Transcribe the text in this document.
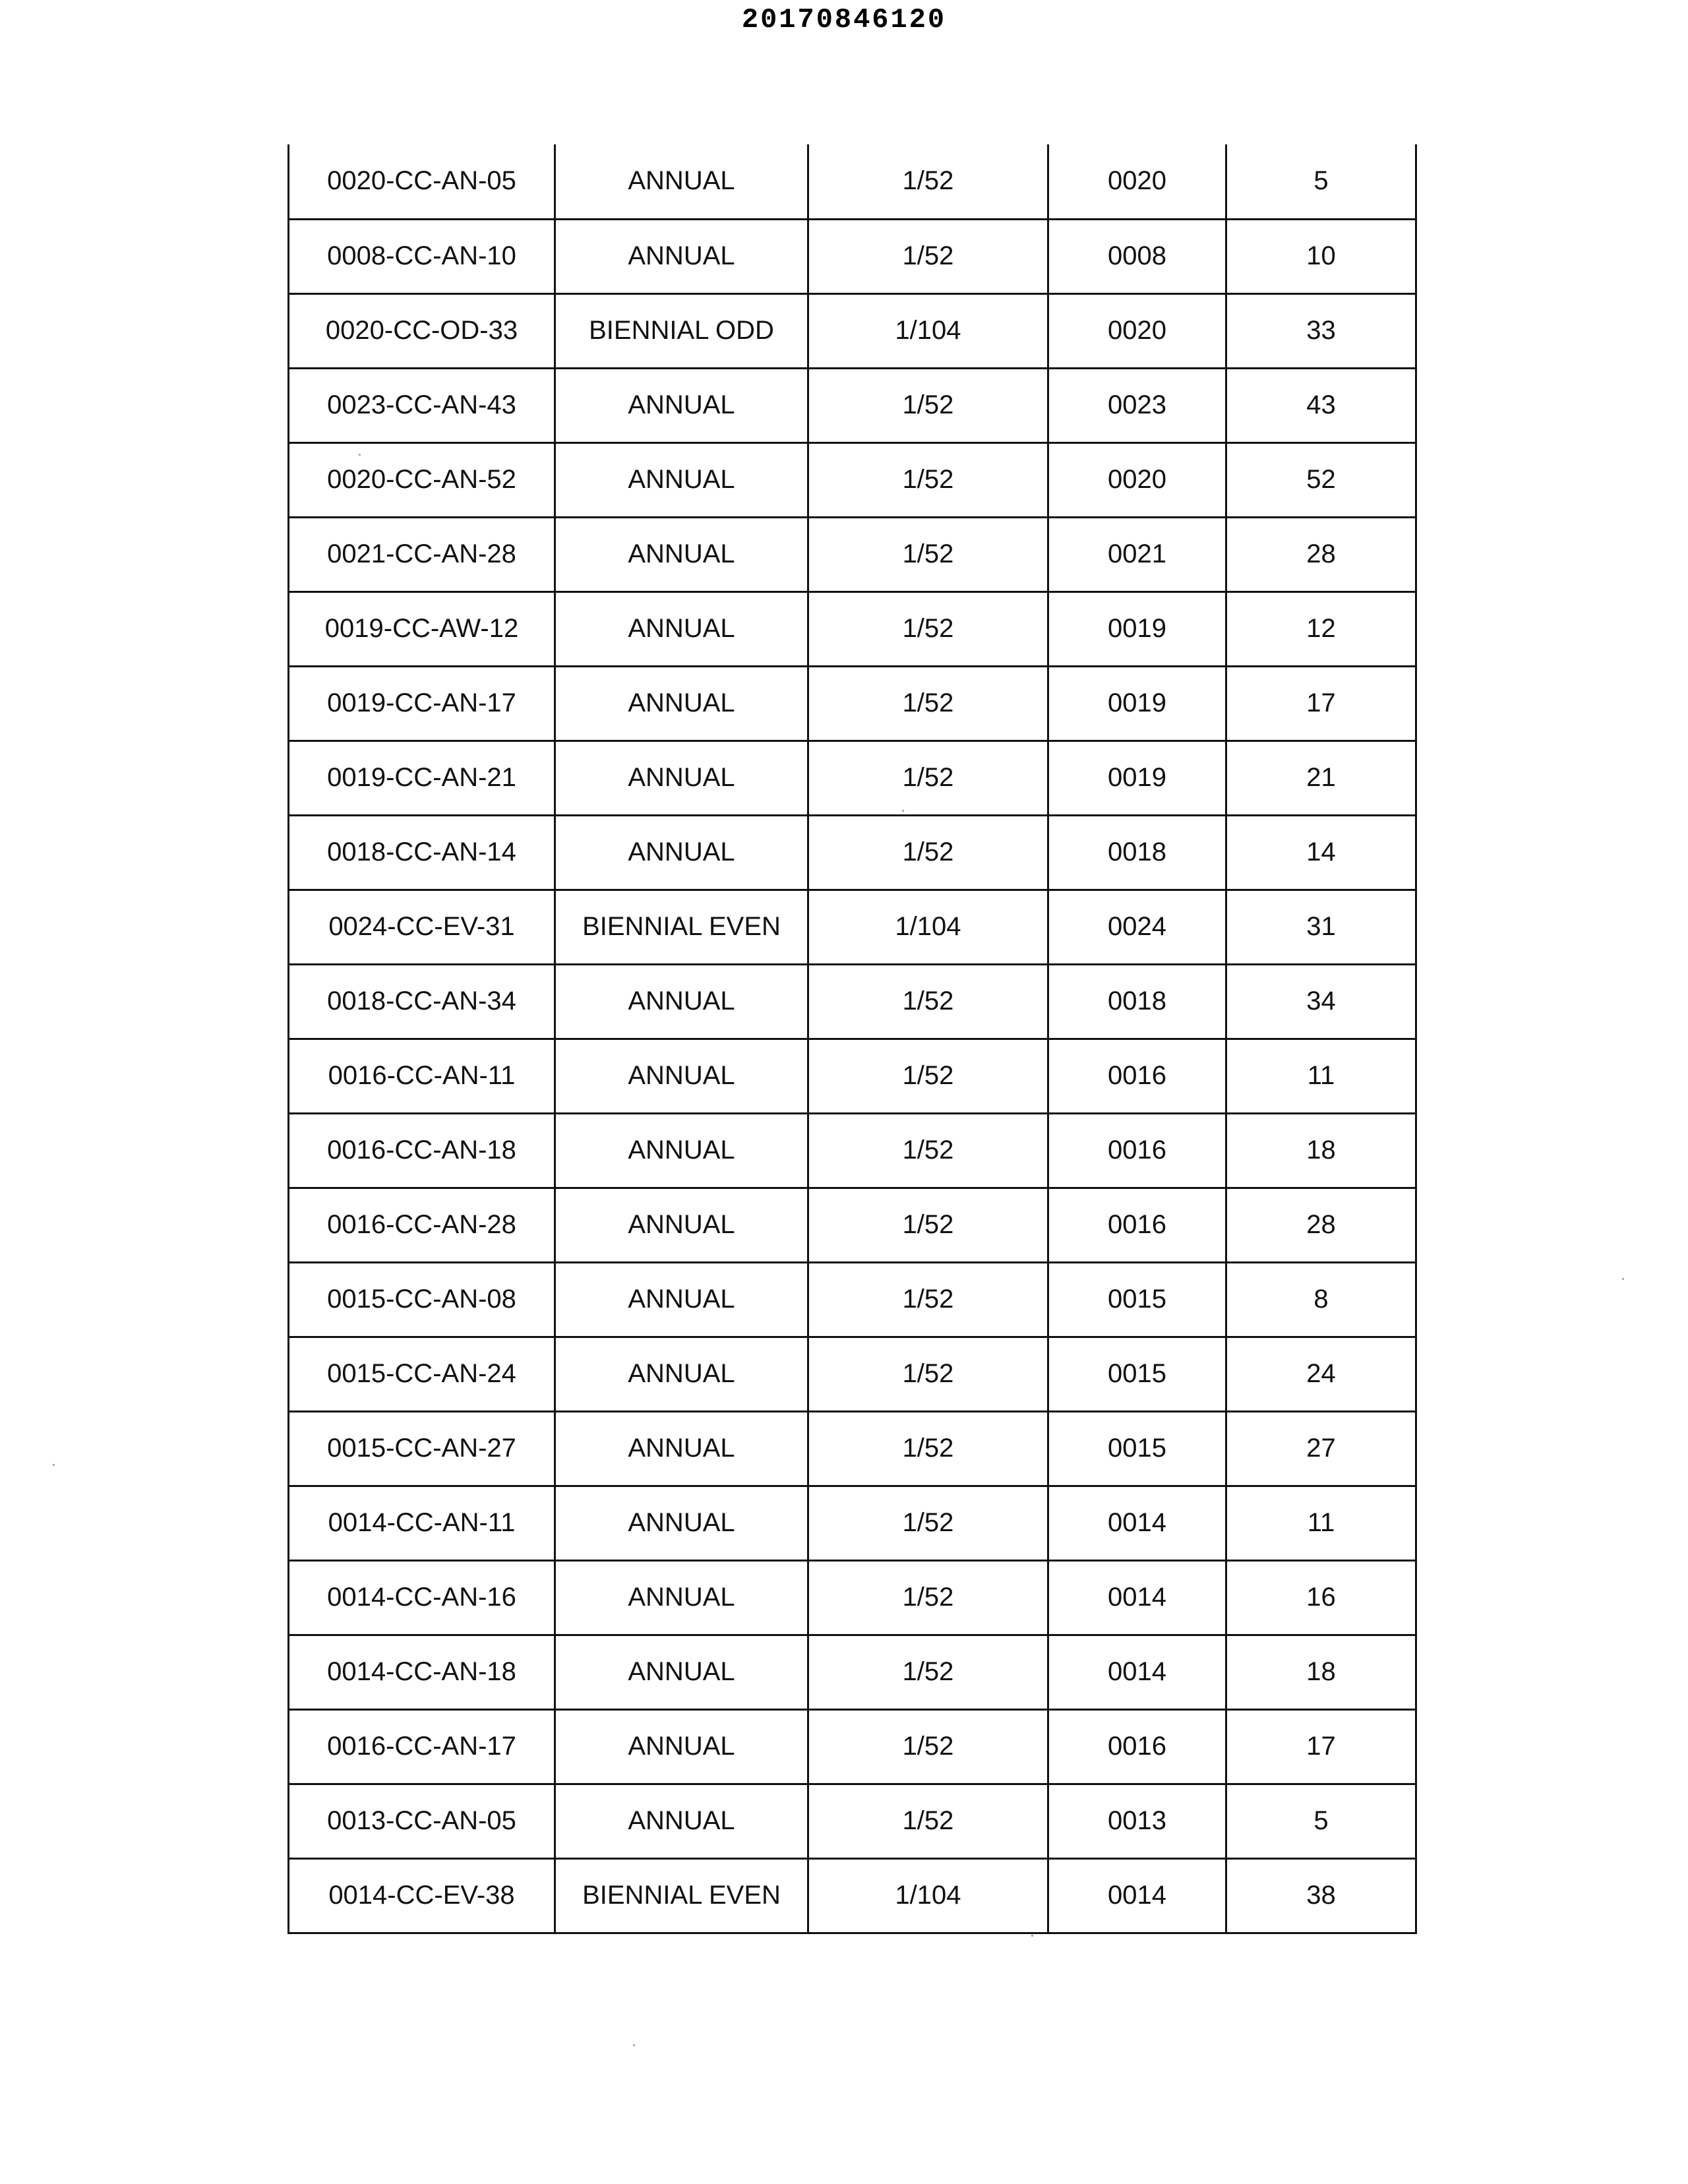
20170846120
0020-CC-AN-05	ANNUAL	1/52	0020	5
0008-CC-AN-10	ANNUAL	1/52	0008	10
0020-CC-OD-33	BIENNIAL ODD	1/104	0020	33
0023-CC-AN-43	ANNUAL	1/52	0023	43
0020-CC-AN-52	ANNUAL	1/52	0020	52
0021-CC-AN-28	ANNUAL	1/52	0021	28
0019-CC-AW-12	ANNUAL	1/52	0019	12
0019-CC-AN-17	ANNUAL	1/52	0019	17
0019-CC-AN-21	ANNUAL	1/52	0019	21
0018-CC-AN-14	ANNUAL	1/52	0018	14
0024-CC-EV-31	BIENNIAL EVEN	1/104	0024	31
0018-CC-AN-34	ANNUAL	1/52	0018	34
0016-CC-AN-11	ANNUAL	1/52	0016	11
0016-CC-AN-18	ANNUAL	1/52	0016	18
0016-CC-AN-28	ANNUAL	1/52	0016	28
0015-CC-AN-08	ANNUAL	1/52	0015	8
0015-CC-AN-24	ANNUAL	1/52	0015	24
0015-CC-AN-27	ANNUAL	1/52	0015	27
0014-CC-AN-11	ANNUAL	1/52	0014	11
0014-CC-AN-16	ANNUAL	1/52	0014	16
0014-CC-AN-18	ANNUAL	1/52	0014	18
0016-CC-AN-17	ANNUAL	1/52	0016	17
0013-CC-AN-05	ANNUAL	1/52	0013	5
0014-CC-EV-38	BIENNIAL EVEN	1/104	0014	38
